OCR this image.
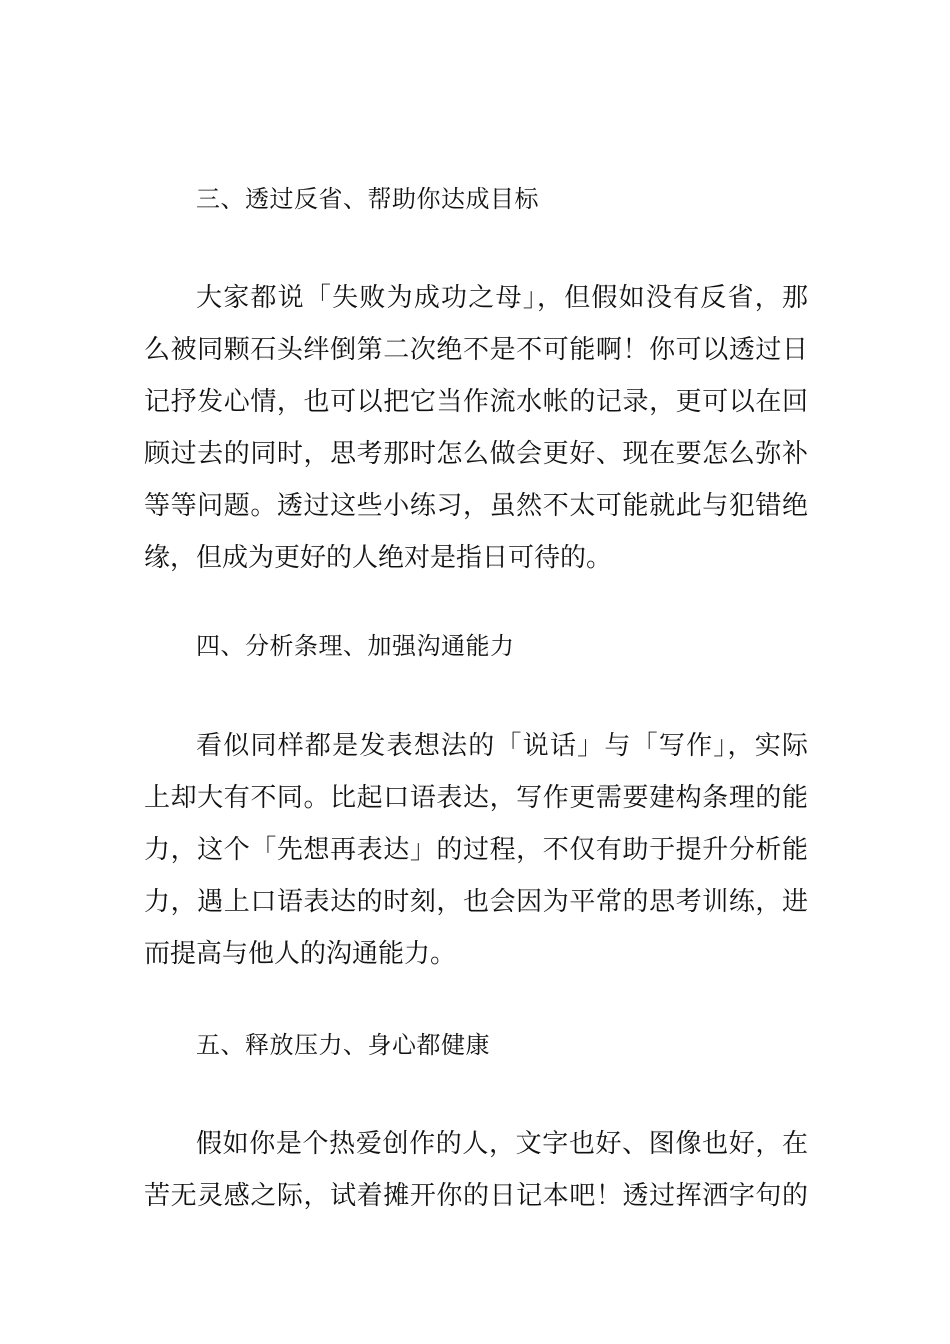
三、透过反省、帮助你达成目标
大家都说「失败为成功之母」，但假如没有反省，那
么被同颗石头绊倒第二次绝不是不可能啊！你可以透过日
记抒发心情，也可以把它当作流水帐的记录，更可以在回
顾过去的同时，思考那时怎么做会更好、现在要怎么弥补
等等问题。透过这些小练习，虽然不太可能就此与犯错绝
缘，但成为更好的人绝对是指日可待的。
四、分析条理、加强沟通能力
看似同样都是发表想法的「说话」与「写作」，实际
上却大有不同。比起口语表达，写作更需要建构条理的能
力，这个「先想再表达」的过程，不仅有助于提升分析能
力，遇上口语表达的时刻，也会因为平常的思考训练，进
而提高与他人的沟通能力。
五、释放压力、身心都健康
假如你是个热爱创作的人，文字也好、图像也好，在
苦无灵感之际，试着摊开你的日记本吧！透过挥洒字句的
